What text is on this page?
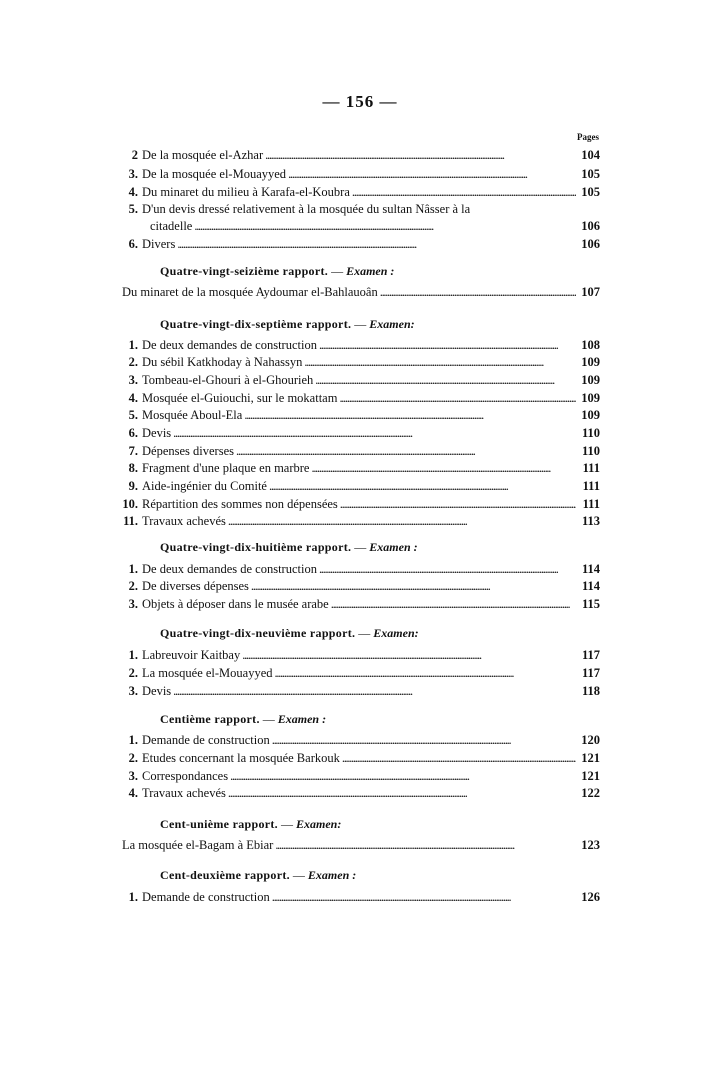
— 156 —
Pages
2 De la mosquée el-Azhar . . .	104
3. De la mosquée el-Mouayyed . . .	105
4. Du minaret du milieu à Karafa-el-Koubra . . .	105
5. D'un devis dressé relativement à la mosquée du sultan Nâsser à la
citadelle . . .	106
6. Divers . . .	106
Quatre-vingt-seizième rapport. — Examen :
Du minaret de la mosquée Aydoumar el-Bahlauoân . . .	107
Quatre-vingt-dix-septième rapport. — Examen:
1. De deux demandes de construction . . .	108
2. Du sébil Katkhoday à Nahassyn . . .	109
3. Tombeau-el-Ghouri à el-Ghourieh . . .	109
4. Mosquée el-Guiouchi, sur le mokattam . . .	109
5. Mosquée Aboul-Ela . . .	109
6. Devis . . .	110
7. Dépenses diverses . . .	110
8. Fragment d'une plaque en marbre . . .	111
9. Aide-ingénier du Comité . . .	111
10. Répartition des sommes non dépensées . . .	111
11. Travaux achevés . . .	113
Quatre-vingt-dix-huitième rapport. — Examen :
1. De deux demandes de construction . . .	114
2. De diverses dépenses . . .	114
3. Objets à déposer dans le musée arabe . . .	115
Quatre-vingt-dix-neuvième rapport. — Examen:
1. Labreuvoir Kaitbay . . .	117
2. La mosquée el-Mouayyed . . .	117
3. Devis . . .	118
Centième rapport. — Examen :
1. Demande de construction . . .	120
2. Etudes concernant la mosquée Barkouk . . .	121
3. Correspondances . . .	121
4. Travaux achevés . . .	122
Cent-unième rapport. — Examen:
La mosquée el-Bagam à Ebiar . . .	123
Cent-deuxième rapport. — Examen :
1. Demande de construction . . .	126
